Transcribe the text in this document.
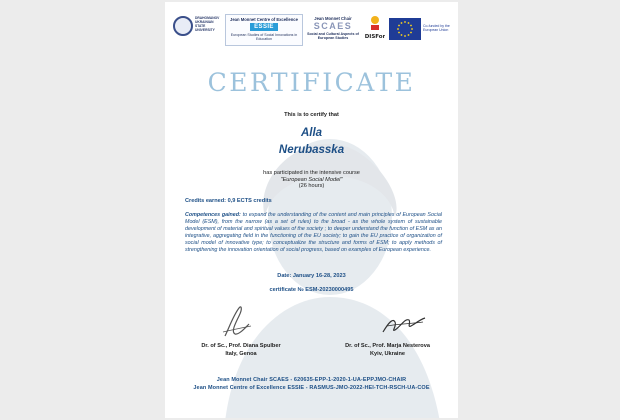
DRAHOMANOV UKRAINIAN STATE UNIVERSITY
Jean Monnet Centre of Excellence
ESSIE
European Studies of Social Innovations in Education
Jean Monnet Chair
SCAES
Social and Cultural Aspects of European Studies	DISFor
Co-funded by the European Union
CERTIFICATE
This is to certify that
Alla
Nerubasska
has participated in the intensive course
"European Social Model"
(26 hours)
Credits earned: 0,9 ECTS credits
Competences gained: to expand the understanding of the content and main principles of European Social Model (ESM), from the narrow (as a set of rules) to the broad - as the whole system of sustainable development of material and spiritual values of the society ; to deeper understand the function of ESM as an integrative, aggregating field in the functioning of the EU society; to gain the EU practice of organization of social model of innovative type; to conceptualize the structure and forms of ESM; to apply methods of strengthening the innovation orientation of social progress, based on examples of European experience.
Date: January 16-28, 2023
certificate № ESM-20230000495
Dr. of Sc., Prof. Diana Spulber
Italy, Genoa
Dr. of Sc., Prof. Marja Nesterova
Kyiv, Ukraine
Jean Monnet Chair SCAES - 620635-EPP-1-2020-1-UA-EPPJMO-CHAIR
Jean Monnet Centre of Excellence ESSIE - RASMUS-JMO-2022-HEI-TCH-RSCH-UA-COE
